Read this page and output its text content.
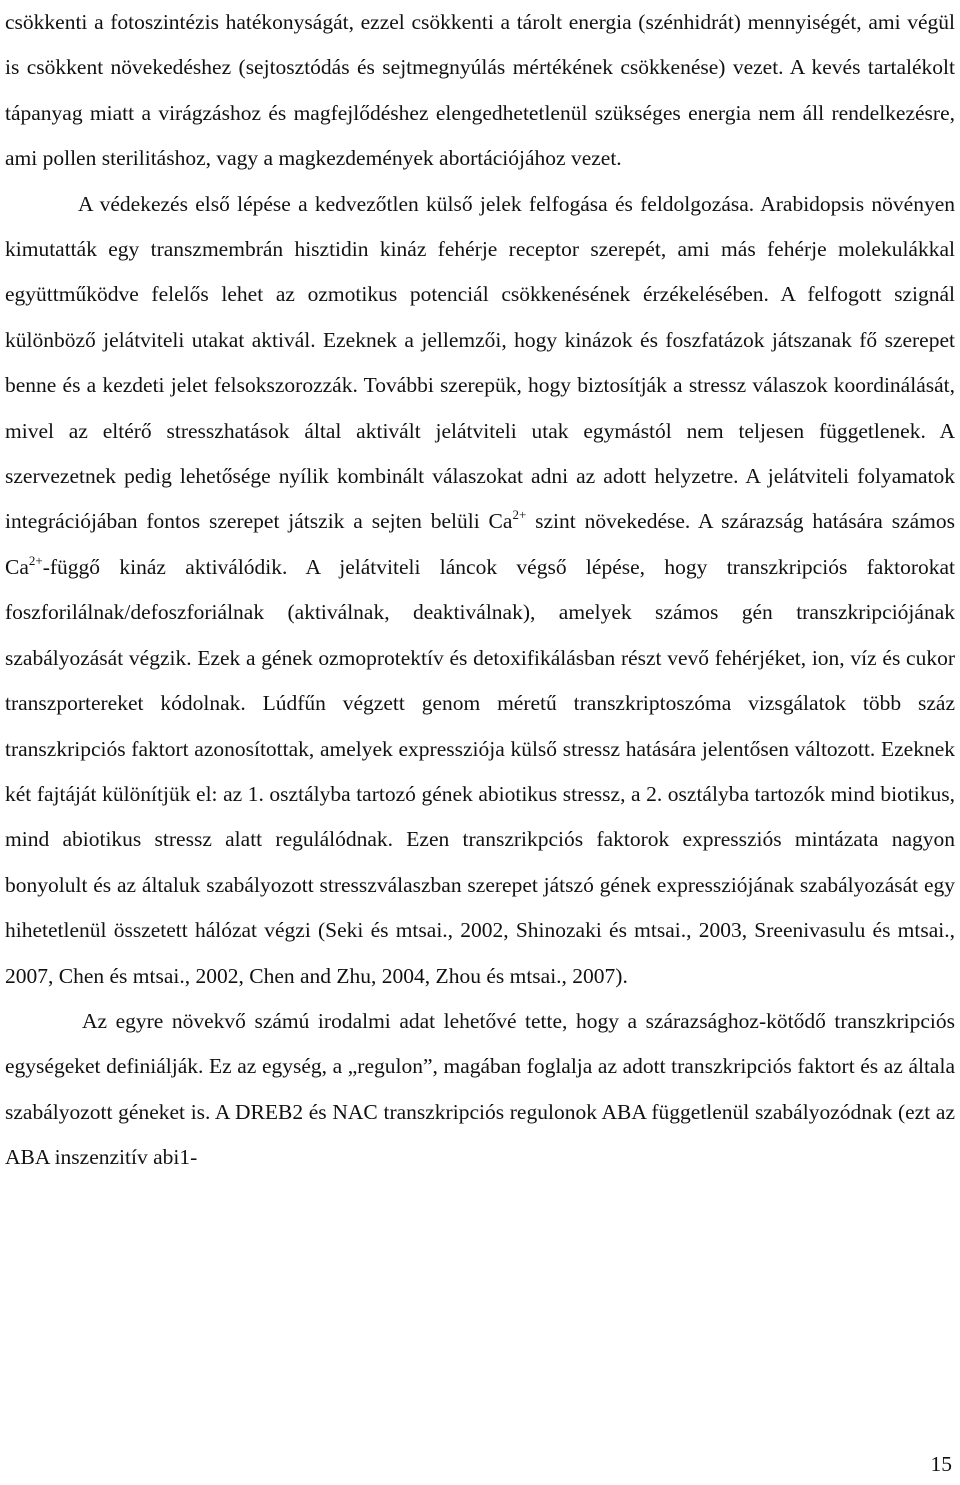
csökkenti a fotoszintézis hatékonyságát, ezzel csökkenti a tárolt energia (szénhidrát) mennyiségét, ami végül is csökkent növekedéshez (sejtosztódás és sejtmegnyúlás mértékének csökkenése) vezet. A kevés tartalékolt tápanyag miatt a virágzáshoz és magfejlődéshez elengedhetetlenül szükséges energia nem áll rendelkezésre, ami pollen sterilitáshoz, vagy a magkezdemények abortációjához vezet.

A védekezés első lépése a kedvezőtlen külső jelek felfogása és feldolgozása. Arabidopsis növényen kimutatták egy transzmembrán hisztidin kináz fehérje receptor szerepét, ami más fehérje molekulákkal együttműködve felelős lehet az ozmotikus potenciál csökkenésének érzékelésében. A felfogott szignál különböző jelátviteli utakat aktivál. Ezeknek a jellemzői, hogy kinázok és foszfatázok játszanak fő szerepet benne és a kezdeti jelet felsokszorozzák. További szerepük, hogy biztosítják a stressz válaszok koordinálását, mivel az eltérő stresszhatások által aktivált jelátviteli utak egymástól nem teljesen függetlenek. A szervezetnek pedig lehetősége nyílik kombinált válaszokat adni az adott helyzetre. A jelátviteli folyamatok integrációjában fontos szerepet játszik a sejten belüli $Ca^{2+}$ szint növekedése. A szárazság hatására számos $Ca^{2+}$-függő kináz aktiválódik. A jelátviteli láncok végső lépése, hogy transzkripciós faktorokat foszforilálnak/defoszforiálnak (aktiválnak, deaktiválnak), amelyek számos gén transzkripciójának szabályozását végzik. Ezek a gének ozmoprotektív és detoxifikálásban részt vevő fehérjéket, ion, víz és cukor transzportereket kódolnak. Lúdfűn végzett genom méretű transzkriptoszóma vizsgálatok több száz transzkripciós faktort azonosítottak, amelyek expressziója külső stressz hatására jelentősen változott. Ezeknek két fajtáját különítjük el: az 1. osztályba tartozó gének abiotikus stressz, a 2. osztályba tartozók mind biotikus, mind abiotikus stressz alatt regulálódnak. Ezen transzrikpciós faktorok expressziós mintázata nagyon bonyolult és az általuk szabályozott stresszválaszban szerepet játszó gének expressziójának szabályozását egy hihetetlenül összetett hálózat végzi (Seki és mtsai., 2002, Shinozaki és mtsai., 2003, Sreenivasulu és mtsai., 2007, Chen és mtsai., 2002, Chen and Zhu, 2004, Zhou és mtsai., 2007).

Az egyre növekvő számú irodalmi adat lehetővé tette, hogy a szárazsághoz-kötődő transzkripciós egységeket definiálják. Ez az egység, a „regulon”, magában foglalja az adott transzkripciós faktort és az általa szabályozott géneket is. A DREB2 és NAC transzkripciós regulonok ABA függetlenül szabályozódnak (ezt az ABA inszenzitív abi1-

15
